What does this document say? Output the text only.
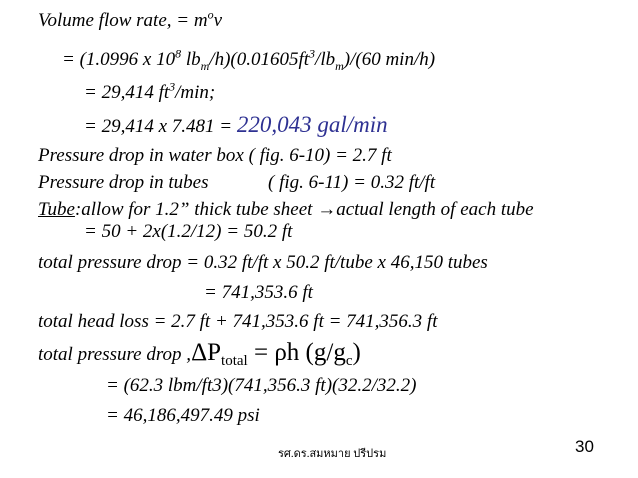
Volume flow rate, = $m^ov$
= (1.0996 x $10^8$ $lb_m/h)(0.01605ft^3/lb_m)/(60$ min/h)
= 29,414 $ft^3/\min$;
= 29,414 x 7.481 = 220,043 gal/min
Pressure drop in water box ( fig. 6-10) = 2.7 ft
Pressure drop in tubes	( fig. 6-11) = 0.32 ft/ft
Tube:allow for 1.2” thick tube sheet →actual length of each tube
= 50 + 2x(1.2/12) = 50.2 ft
total pressure drop = 0.32 ft/ft x 50.2 ft/tube x 46,150 tubes
= 741,353.6 ft
total head loss = 2.7 ft + 741,353.6 ft = 741,356.3 ft
total pressure drop $,\Delta P_{total} = \rho h$ $(g/g_c)$
= (62.3 lbm/ft3)(741,356.3 ft)(32.2/32.2)
= 46,186,497.49 psi
รศ.ดร.สมหมาย ปรีปรม	30
